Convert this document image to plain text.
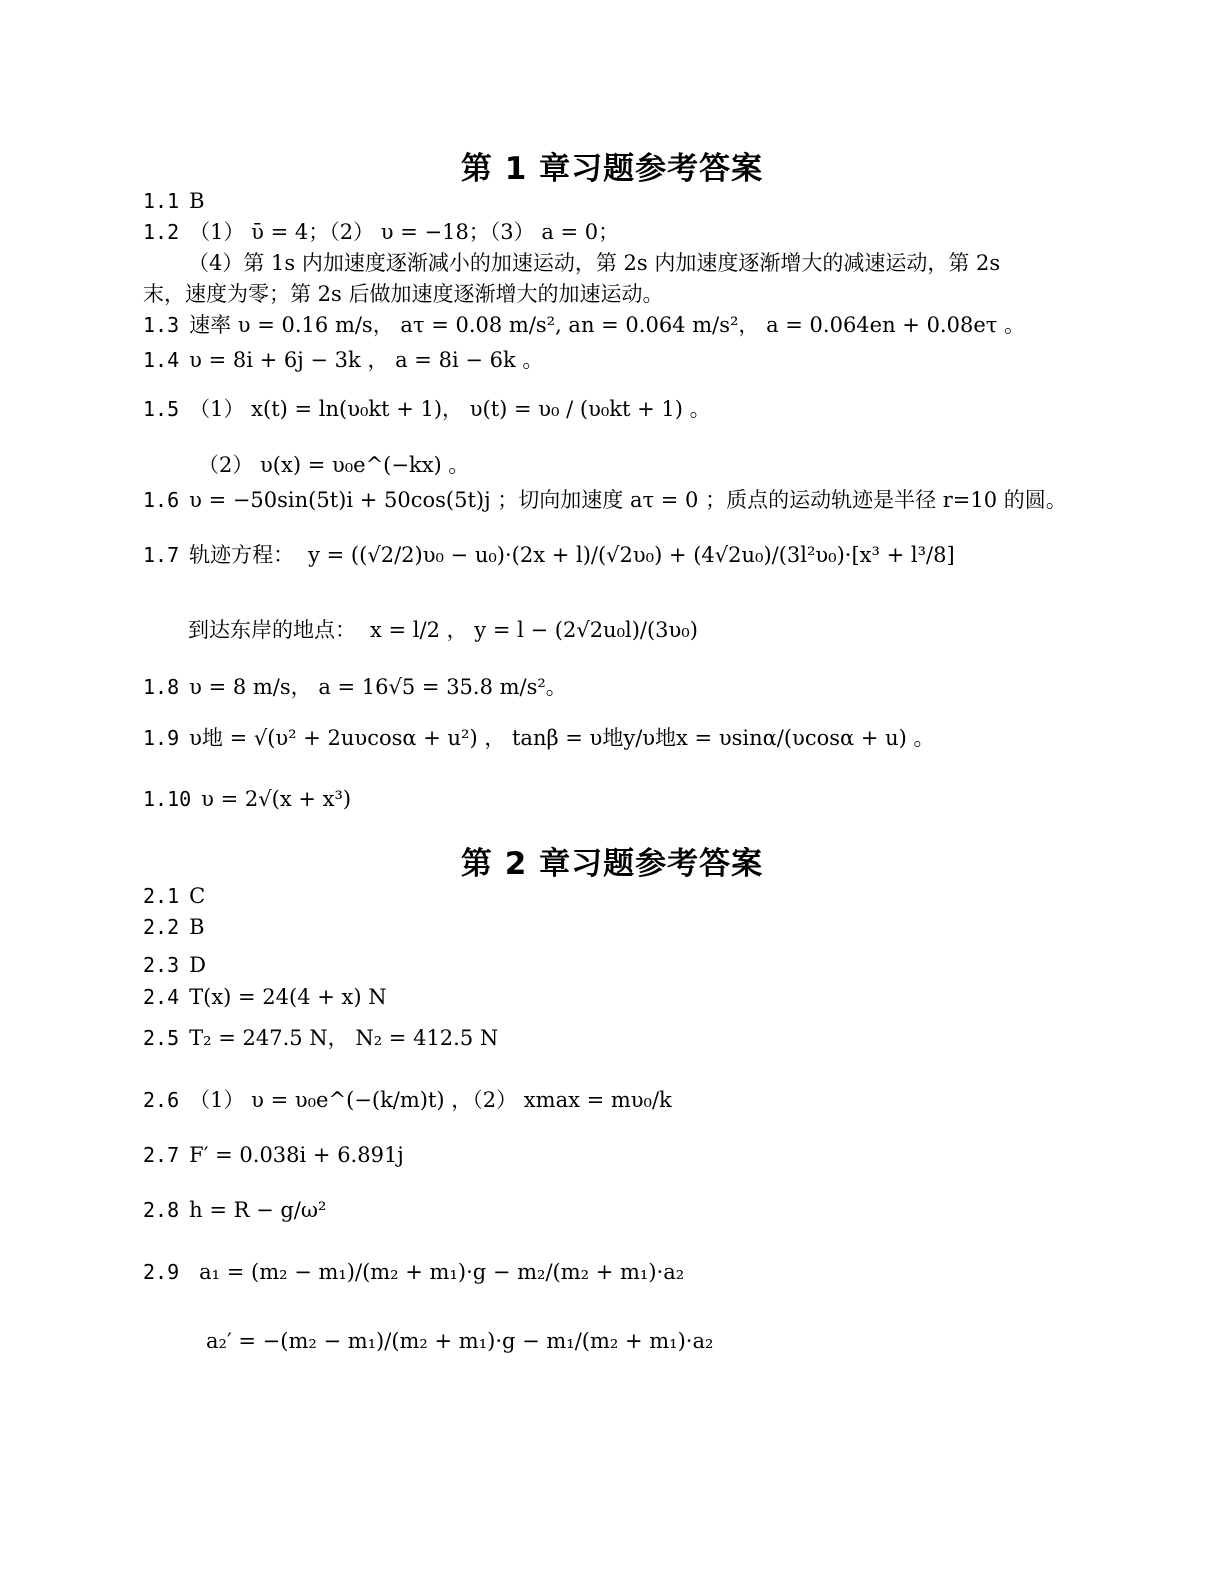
第 1 章习题参考答案
1.1 B
1.2 （1） ῡ = 4；（2） υ = −18；（3） a = 0；
（4）第 1s 内加速度逐渐减小的加速运动，第 2s 内加速度逐渐增大的减速运动，第 2s
末，速度为零；第 2s 后做加速度逐渐增大的加速运动。
1.3 速率 υ = 0.16 m/s， aτ = 0.08 m/s², an = 0.064 m/s²， a = 0.064en + 0.08eτ 。
1.4 υ = 8i + 6j − 3k ， a = 8i − 6k 。
1.5 （1） x(t) = ln(υ₀kt + 1)， υ(t) = υ₀ / (υ₀kt + 1) 。
（2） υ(x) = υ₀e^(−kx) 。
1.6 υ = −50sin(5t)i + 50cos(5t)j ；切向加速度 aτ = 0 ；质点的运动轨迹是半径 r=10 的圆。
1.7 轨迹方程： y = ((√2/2)υ₀ − u₀)·(2x + l)/(√2υ₀) + (4√2u₀)/(3l²υ₀)·[x³ + l³/8]
到达东岸的地点： x = l/2 ， y = l − (2√2u₀l)/(3υ₀)
1.8 υ = 8 m/s， a = 16√5 = 35.8 m/s²。
1.9 υ地 = √(υ² + 2uυcosα + u²) ， tanβ = υ地y/υ地x = υsinα/(υcosα + u) 。
1.10 υ = 2√(x + x³)
第 2 章习题参考答案
2.1 C
2.2 B
2.3 D
2.4 T(x) = 24(4 + x) N
2.5 T₂ = 247.5 N， N₂ = 412.5 N
2.6 （1） υ = υ₀e^(−(k/m)t) ，（2） xmax = mυ₀/k
2.7 F′ = 0.038i + 6.891j
2.8 h = R − g/ω²
2.9 a₁ = (m₂ − m₁)/(m₂ + m₁)·g − m₂/(m₂ + m₁)·a₂
a₂′ = −(m₂ − m₁)/(m₂ + m₁)·g − m₁/(m₂ + m₁)·a₂
